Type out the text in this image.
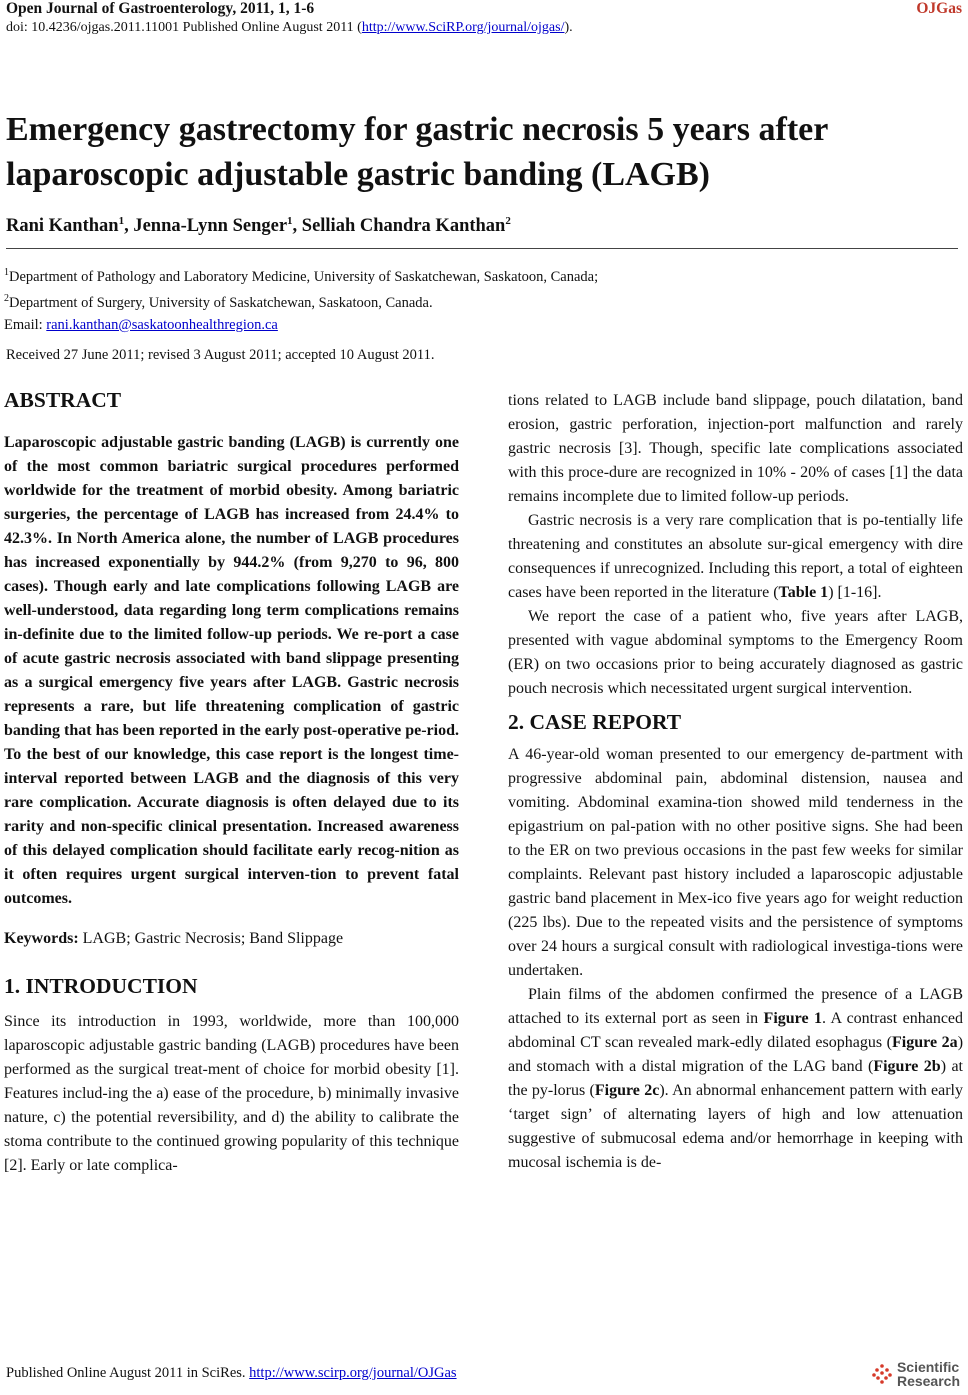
Open Journal of Gastroenterology, 2011, 1, 1-6	OJGas
doi: 10.4236/ojgas.2011.11001 Published Online August 2011 (http://www.SciRP.org/journal/ojgas/).
Emergency gastrectomy for gastric necrosis 5 years after laparoscopic adjustable gastric banding (LAGB)
Rani Kanthan$^1$, Jenna-Lynn Senger$^1$, Selliah Chandra Kanthan$^2$
$^1$Department of Pathology and Laboratory Medicine, University of Saskatchewan, Saskatoon, Canada;
$^2$Department of Surgery, University of Saskatchewan, Saskatoon, Canada.
Email: rani.kanthan@saskatoonhealthregion.ca
Received 27 June 2011; revised 3 August 2011; accepted 10 August 2011.
ABSTRACT
Laparoscopic adjustable gastric banding (LAGB) is currently one of the most common bariatric surgical procedures performed worldwide for the treatment of morbid obesity. Among bariatric surgeries, the percentage of LAGB has increased from 24.4% to 42.3%. In North America alone, the number of LAGB procedures has increased exponentially by 944.2% (from 9,270 to 96, 800 cases). Though early and late complications following LAGB are well-understood, data regarding long term complications remains in-definite due to the limited follow-up periods. We re-port a case of acute gastric necrosis associated with band slippage presenting as a surgical emergency five years after LAGB. Gastric necrosis represents a rare, but life threatening complication of gastric banding that has been reported in the early post-operative pe-riod. To the best of our knowledge, this case report is the longest time-interval reported between LAGB and the diagnosis of this very rare complication. Accurate diagnosis is often delayed due to its rarity and non-specific clinical presentation. Increased awareness of this delayed complication should facilitate early recog-nition as it often requires urgent surgical interven-tion to prevent fatal outcomes.
Keywords: LAGB; Gastric Necrosis; Band Slippage
1. INTRODUCTION
Since its introduction in 1993, worldwide, more than 100,000 laparoscopic adjustable gastric banding (LAGB) procedures have been performed as the surgical treat-ment of choice for morbid obesity [1]. Features includ-ing the a) ease of the procedure, b) minimally invasive nature, c) the potential reversibility, and d) the ability to calibrate the stoma contribute to the continued growing popularity of this technique [2]. Early or late complica-

tions related to LAGB include band slippage, pouch dilatation, band erosion, gastric perforation, injection-port malfunction and rarely gastric necrosis [3]. Though, specific late complications associated with this proce-dure are recognized in 10% - 20% of cases [1] the data remains incomplete due to limited follow-up periods.

Gastric necrosis is a very rare complication that is po-tentially life threatening and constitutes an absolute sur-gical emergency with dire consequences if unrecognized. Including this report, a total of eighteen cases have been reported in the literature (Table 1) [1-16].

We report the case of a patient who, five years after LAGB, presented with vague abdominal symptoms to the Emergency Room (ER) on two occasions prior to being accurately diagnosed as gastric pouch necrosis which necessitated urgent surgical intervention.

2. CASE REPORT

A 46-year-old woman presented to our emergency de-partment with progressive abdominal pain, abdominal distension, nausea and vomiting. Abdominal examina-tion showed mild tenderness in the epigastrium on pal-pation with no other positive signs. She had been to the ER on two previous occasions in the past few weeks for similar complaints. Relevant past history included a laparoscopic adjustable gastric band placement in Mex-ico five years ago for weight reduction (225 lbs). Due to the repeated visits and the persistence of symptoms over 24 hours a surgical consult with radiological investiga-tions were undertaken.

Plain films of the abdomen confirmed the presence of a LAGB attached to its external port as seen in Figure 1. A contrast enhanced abdominal CT scan revealed mark-edly dilated esophagus (Figure 2a) and stomach with a distal migration of the LAG band (Figure 2b) at the py-lorus (Figure 2c). An abnormal enhancement pattern with early ‘target sign’ of alternating layers of high and low attenuation suggestive of submucosal edema and/or hemorrhage in keeping with mucosal ischemia is de-

Published Online August 2011 in SciRes. http://www.scirp.org/journal/OJGas	Scientific
Research
